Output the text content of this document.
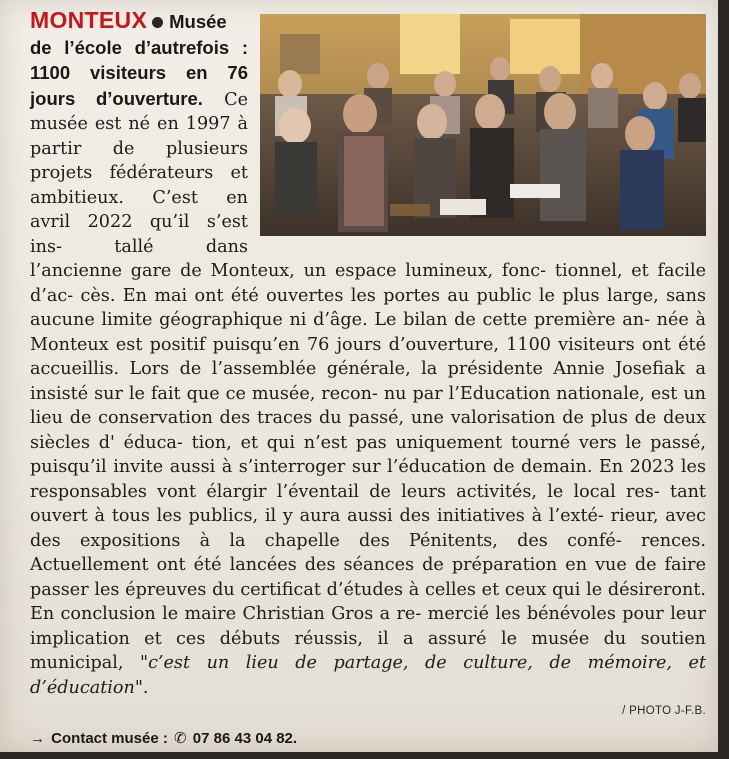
MONTEUX Musée de l’école d’autrefois : 1100 visiteurs en 76 jours d’ouverture. Ce musée est né en 1997 à partir de plusieurs projets fédérateurs et ambitieux. C’est en avril 2022 qu’il s’est ins- tallé dans l’ancienne gare de Monteux, un espace lumineux, fonc- tionnel, et facile d’ac- cès. En mai ont été ouvertes les portes au public le plus large, sans aucune limite géographique ni d’âge. Le bilan de cette première an- née à Monteux est positif puisqu’en 76 jours d’ouverture, 1100 visiteurs ont été accueillis. Lors de l’assemblée générale, la présidente Annie Josefiak a insisté sur le fait que ce musée, recon- nu par l’Education nationale, est un lieu de conservation des traces du passé, une valorisation de plus de deux siècles d' éduca- tion, et qui n’est pas uniquement tourné vers le passé, puisqu’il invite aussi à s’interroger sur l’éducation de demain. En 2023 les responsables vont élargir l’éventail de leurs activités, le local res- tant ouvert à tous les publics, il y aura aussi des initiatives à l’exté- rieur, avec des expositions à la chapelle des Pénitents, des confé- rences. Actuellement ont été lancées des séances de préparation en vue de faire passer les épreuves du certificat d’études à celles et ceux qui le désireront. En conclusion le maire Christian Gros a re- mercié les bénévoles pour leur implication et ces débuts réussis, il a assuré le musée du soutien municipal, "c’est un lieu de partage, de culture, de mémoire, et d’éducation".
/ PHOTO J-F.B.
→ Contact musée : ✆ 07 86 43 04 82.
